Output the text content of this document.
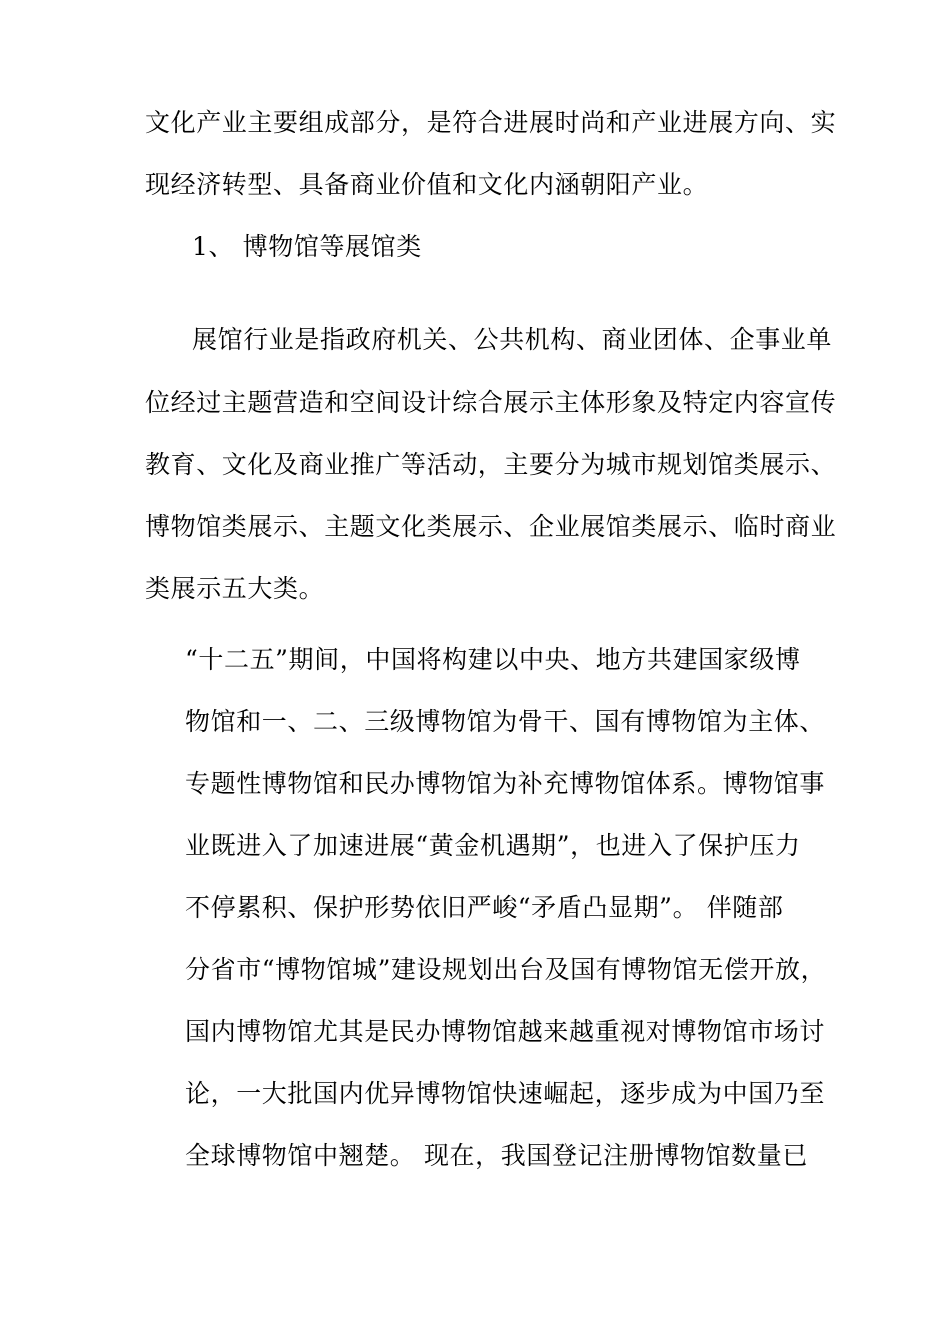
文化产业主要组成部分，是符合进展时尚和产业进展方向、实
现经济转型、具备商业价值和文化内涵朝阳产业。
1、 博物馆等展馆类
展馆行业是指政府机关、公共机构、商业团体、企事业单
位经过主题营造和空间设计综合展示主体形象及特定内容宣传
教育、文化及商业推广等活动，主要分为城市规划馆类展示、
博物馆类展示、主题文化类展示、企业展馆类展示、临时商业
类展示五大类。
“十二五”期间，中国将构建以中央、地方共建国家级博
物馆和一、二、三级博物馆为骨干、国有博物馆为主体、
专题性博物馆和民办博物馆为补充博物馆体系。博物馆事
业既进入了加速进展“黄金机遇期”，也进入了保护压力
不停累积、保护形势依旧严峻“矛盾凸显期”。 伴随部
分省市“博物馆城”建设规划出台及国有博物馆无偿开放，
国内博物馆尤其是民办博物馆越来越重视对博物馆市场讨
论，一大批国内优异博物馆快速崛起，逐步成为中国乃至
全球博物馆中翘楚。 现在，我国登记注册博物馆数量已
